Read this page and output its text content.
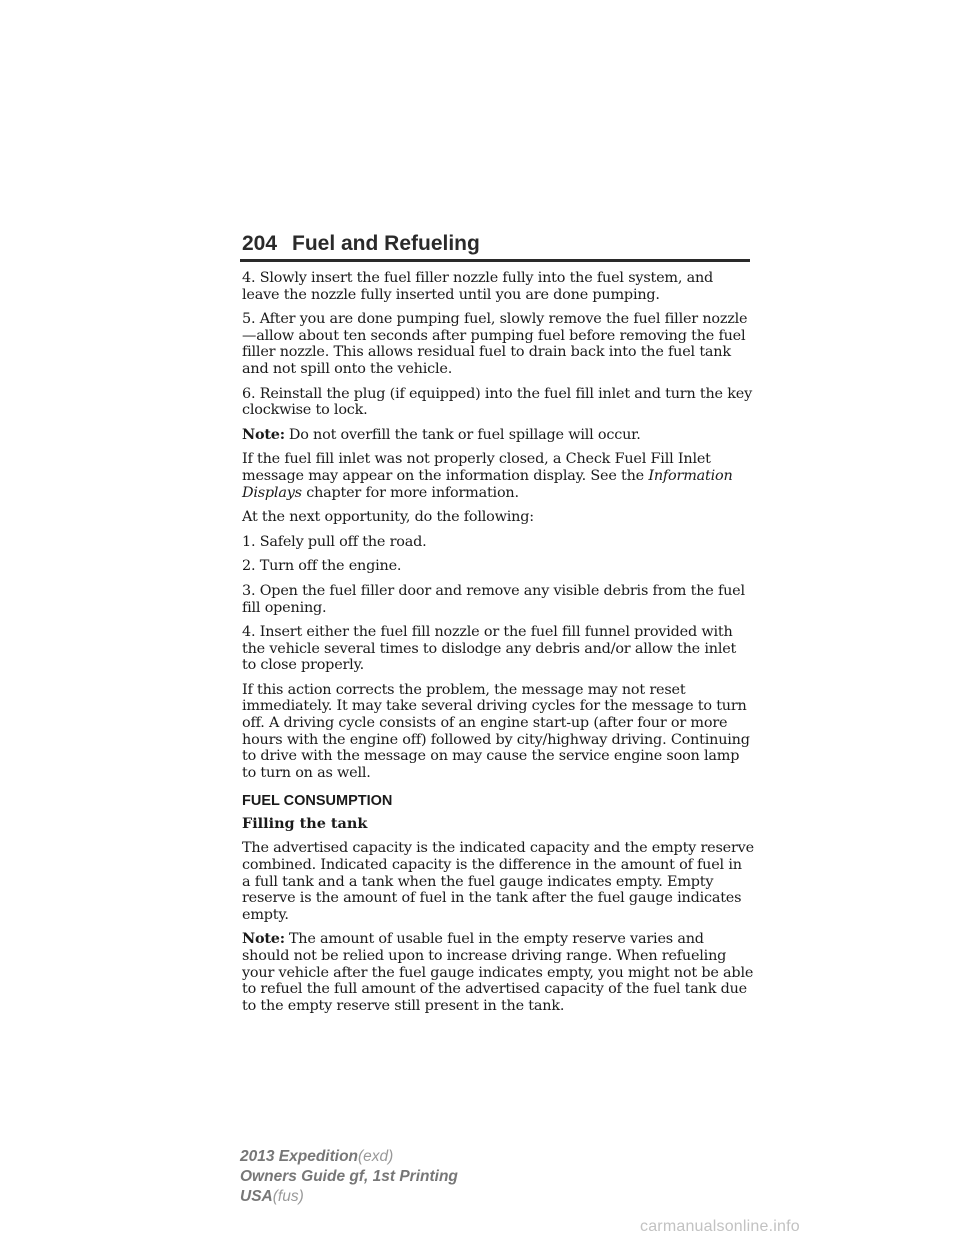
204 Fuel and Refueling

4. Slowly insert the fuel filler nozzle fully into the fuel system, and leave the nozzle fully inserted until you are done pumping.

5. After you are done pumping fuel, slowly remove the fuel filler nozzle—allow about ten seconds after pumping fuel before removing the fuel filler nozzle. This allows residual fuel to drain back into the fuel tank and not spill onto the vehicle.

6. Reinstall the plug (if equipped) into the fuel fill inlet and turn the key clockwise to lock.

Note: Do not overfill the tank or fuel spillage will occur.

If the fuel fill inlet was not properly closed, a Check Fuel Fill Inlet message may appear on the information display. See the Information Displays chapter for more information.

At the next opportunity, do the following:

1. Safely pull off the road.

2. Turn off the engine.

3. Open the fuel filler door and remove any visible debris from the fuel fill opening.

4. Insert either the fuel fill nozzle or the fuel fill funnel provided with the vehicle several times to dislodge any debris and/or allow the inlet to close properly.

If this action corrects the problem, the message may not reset immediately. It may take several driving cycles for the message to turn off. A driving cycle consists of an engine start-up (after four or more hours with the engine off) followed by city/highway driving. Continuing to drive with the message on may cause the service engine soon lamp to turn on as well.

FUEL CONSUMPTION
Filling the tank

The advertised capacity is the indicated capacity and the empty reserve combined. Indicated capacity is the difference in the amount of fuel in a full tank and a tank when the fuel gauge indicates empty. Empty reserve is the amount of fuel in the tank after the fuel gauge indicates empty.

Note: The amount of usable fuel in the empty reserve varies and should not be relied upon to increase driving range. When refueling your vehicle after the fuel gauge indicates empty, you might not be able to refuel the full amount of the advertised capacity of the fuel tank due to the empty reserve still present in the tank.

2013 Expedition(exd)
Owners Guide gf, 1st Printing
USA(fus)
carmanualsonline.info
